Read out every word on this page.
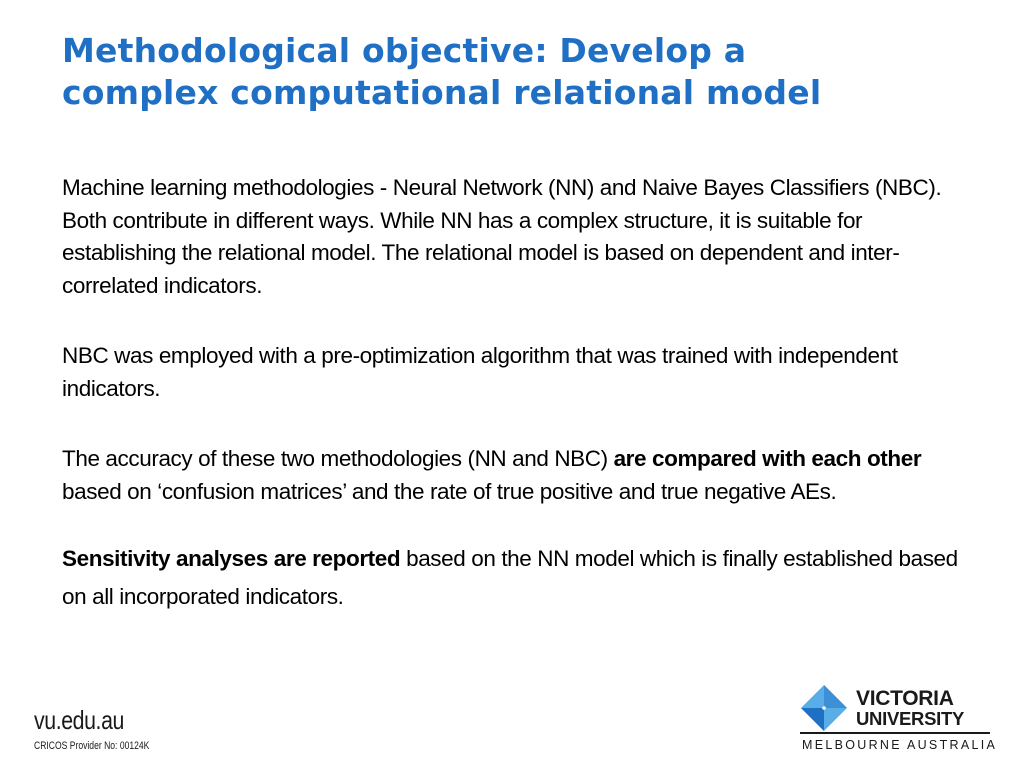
Methodological objective: Develop a
complex computational relational model

Machine learning methodologies - Neural Network (NN) and Naive Bayes Classifiers (NBC). Both contribute in different ways. While NN has a complex structure, it is suitable for establishing the relational model. The relational model is based on dependent and inter-correlated indicators.

NBC was employed with a pre-optimization algorithm that was trained with independent indicators.

The accuracy of these two methodologies (NN and NBC) are compared with each other based on ‘confusion matrices’ and the rate of true positive and true negative AEs.

Sensitivity analyses are reported based on the NN model which is finally established based on all incorporated indicators.

vu.edu.au
CRICOS Provider No: 00124K
VICTORIA
UNIVERSITY
MELBOURNE AUSTRALIA
